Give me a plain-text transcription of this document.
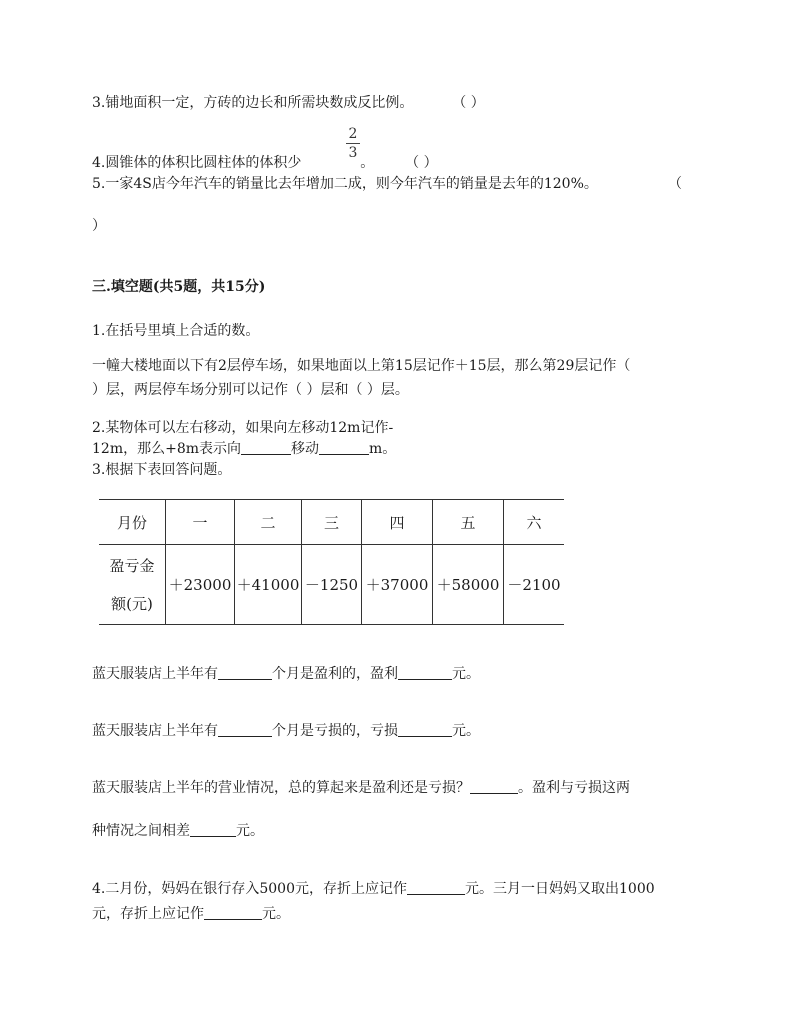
3.铺地面积一定，方砖的边长和所需块数成反比例。	（ ）
2
3
4.圆锥体的体积比圆柱体的体积少	。 （ ）
5.一家4S店今年汽车的销量比去年增加二成，则今年汽车的销量是去年的120%。	（
）
三.填空题(共5题，共15分)
1.在括号里填上合适的数。
一幢大楼地面以下有2层停车场，如果地面以上第15层记作＋15层，那么第29层记作（
）层，两层停车场分别可以记作（ ）层和（ ）层。
2.某物体可以左右移动，如果向左移动12m记作-
12m，那么+8m表示向	移动	m。
3.根据下表回答问题。
月份	一	二	三	四	五	六

盈亏金
额(元)	＋23000	＋41000	－1250	＋37000	＋58000	－2100
蓝天服装店上半年有	个月是盈利的，盈利	元。
蓝天服装店上半年有	个月是亏损的，亏损	元。
蓝天服装店上半年的营业情况，总的算起来是盈利还是亏损？	。盈利与亏损这两
种情况之间相差	元。
4.二月份，妈妈在银行存入5000元，存折上应记作	元。三月一日妈妈又取出1000
元，存折上应记作	元。
